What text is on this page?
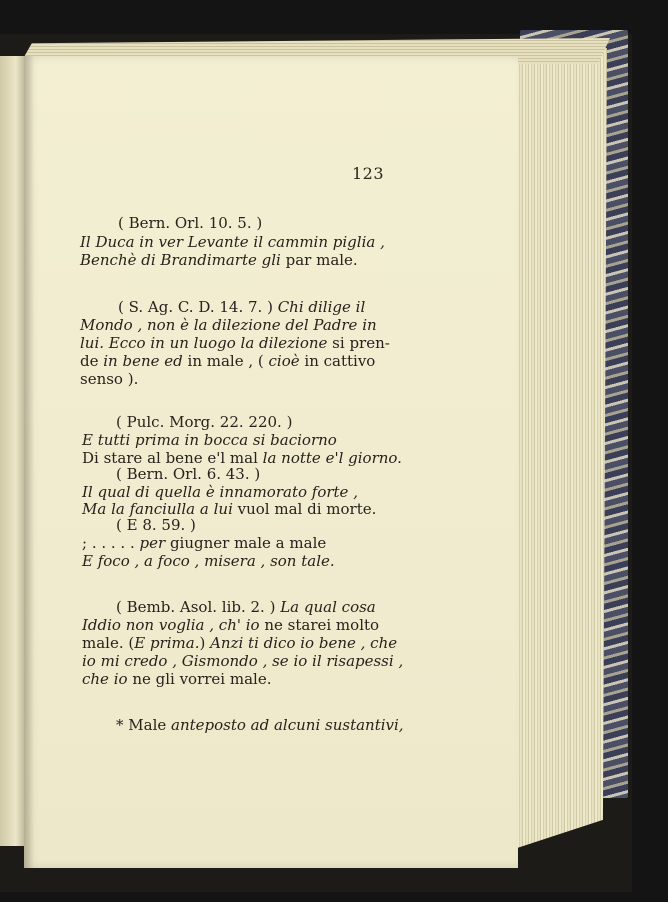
123
( Bern. Orl. 10. 5. )
Il Duca in ver Levante il cammin piglia ,
Benchè di Brandimarte gli par male.
( S. Ag. C. D. 14. 7. ) Chi dilige il
Mondo , non è la dilezione del Padre in
lui. Ecco in un luogo la dilezione si pren-
de in bene ed in male , ( cioè in cattivo
senso ).
( Pulc. Morg. 22. 220. )
E tutti prima in bocca si baciorno
Di stare al bene e'l mal la notte e'l giorno.
( Bern. Orl. 6. 43. )
Il qual di quella è innamorato forte ,
Ma la fanciulla a lui vuol mal di morte.
( E 8. 59. )
; . . . . . per giugner male a male
E foco , a foco , misera , son tale.
( Bemb. Asol. lib. 2. ) La qual cosa
Iddio non voglia , ch' io ne starei molto
male. (E prima.) Anzi ti dico io bene , che
io mi credo , Gismondo , se io il risapessi ,
che io ne gli vorrei male.
* Male anteposto ad alcuni sustantivi,
